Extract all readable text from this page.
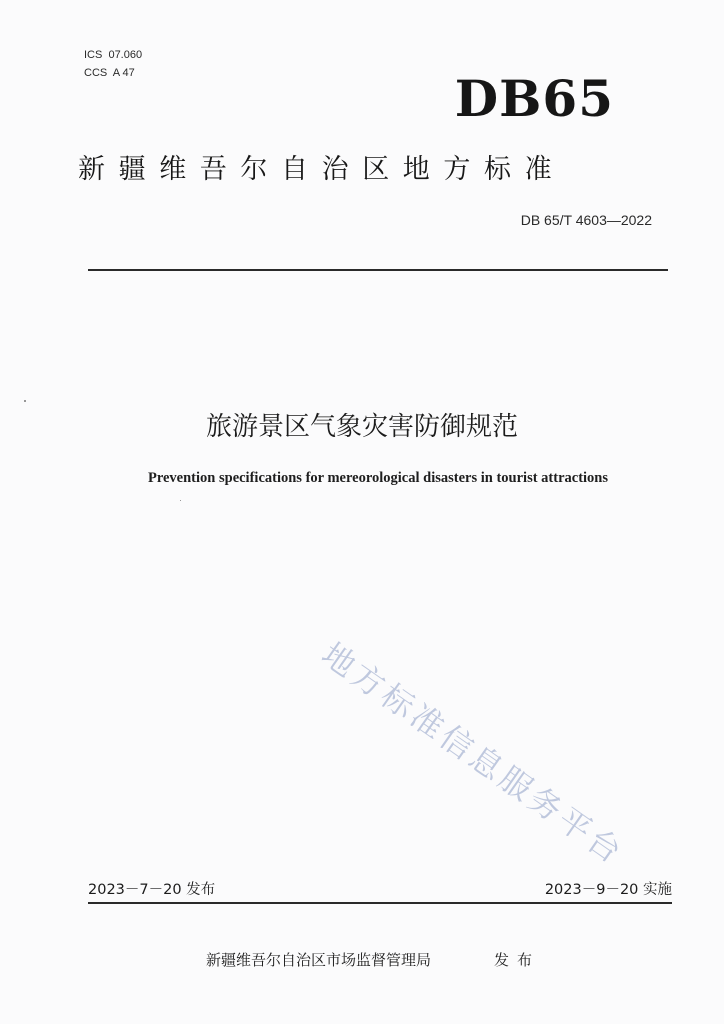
ICS  07.060
CCS  A 47	DB65
新疆维吾尔自治区地方标准
DB 65/T 4603—2022
旅游景区气象灾害防御规范
Prevention specifications for mereorological disasters in tourist attractions
地方标准信息服务平台
2023－7－20 发布	2023－9－20 实施
新疆维吾尔自治区市场监督管理局	发布
